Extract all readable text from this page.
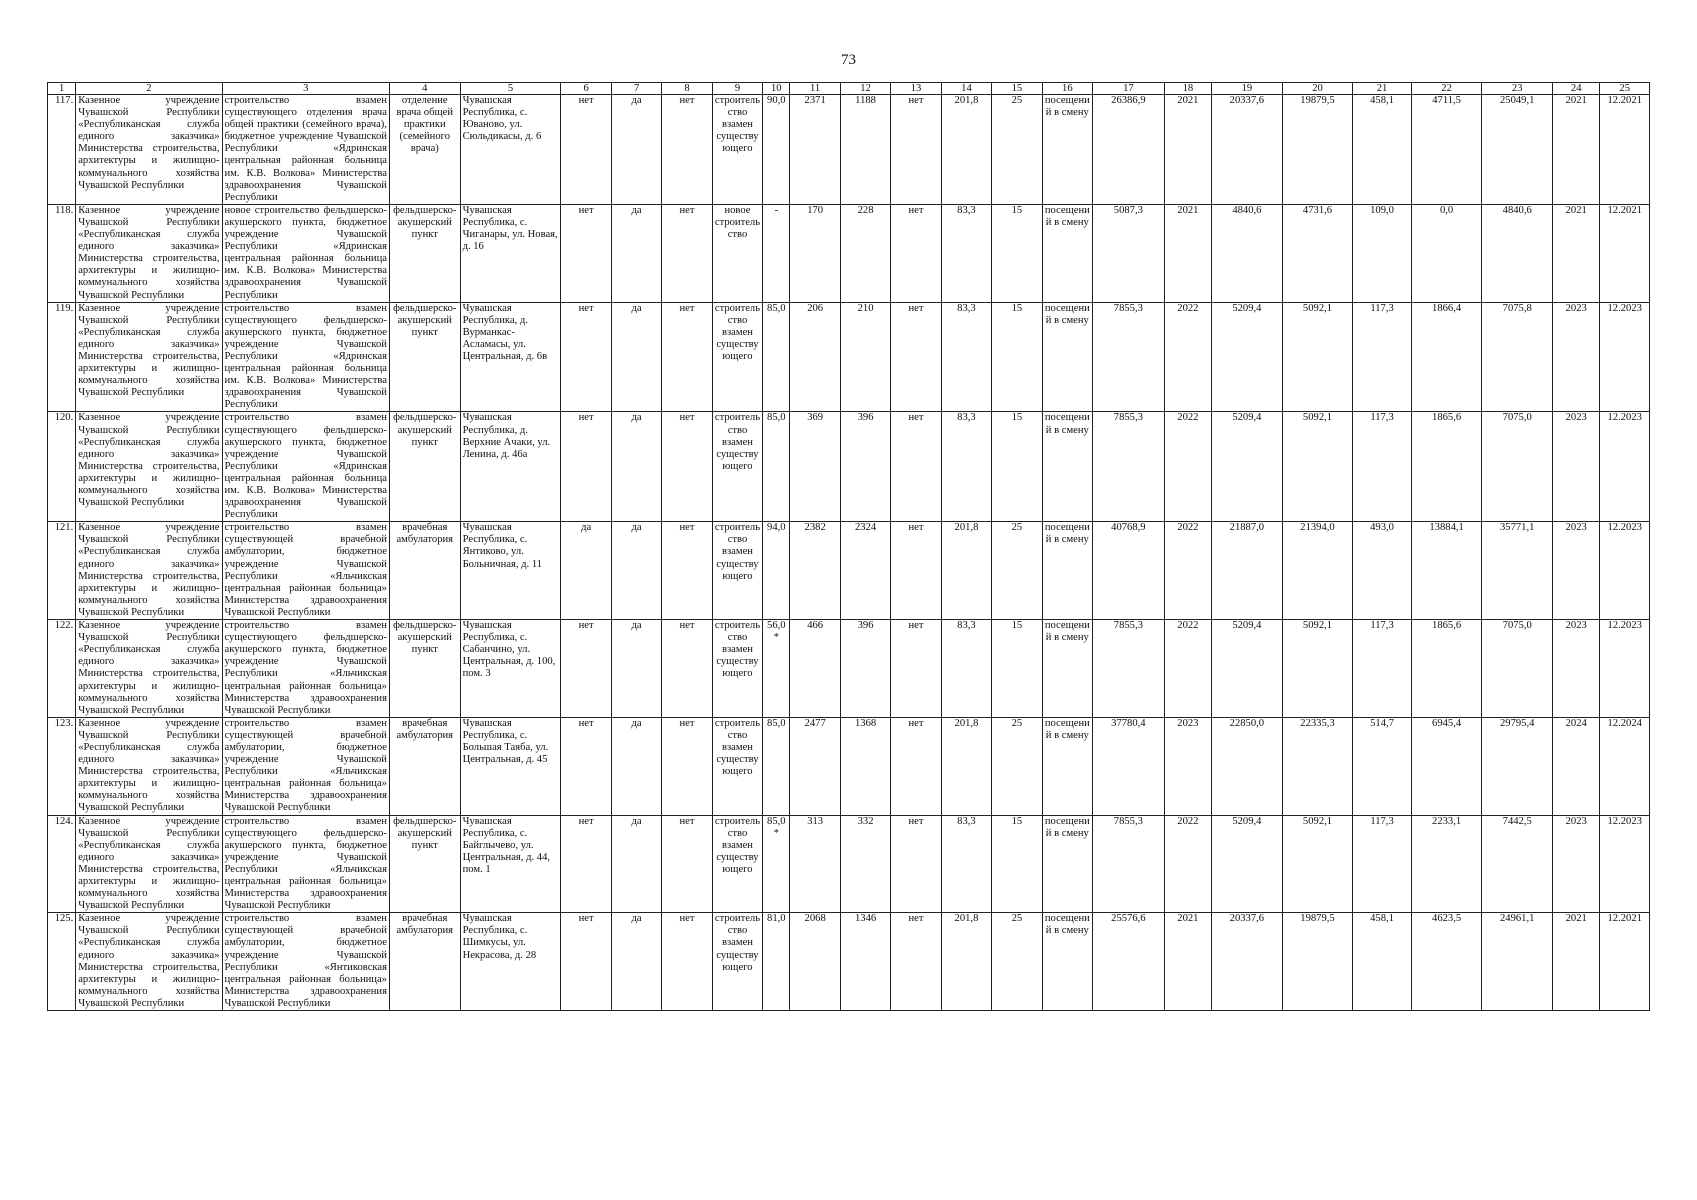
73
1	2	3	4	5	6	7	8	9	10	11	12	13	14	15	16	17	18	19	20	21	22	23	24	25
117.	Казенное учреждение Чувашской Республики «Республиканская служба единого заказчика» Министерства строительства, архитектуры и жилищно-коммунального хозяйства Чувашской Республики	строительство взамен существующего отделения врача общей практики (семейного врача), бюджетное учреждение Чувашской Республики «Ядринская центральная районная больница им. К.В. Волкова» Министерства здравоохранения Чувашской Республики	отделение врача общей практики (семейного врача)	Чувашская Республика, с. Юваново, ул. Сюльдикасы, д. 6	нет	да	нет	строительство взамен существующего	90,0	2371	1188	нет	201,8	25	посещений в смену	26386,9	2021	20337,6	19879,5	458,1	4711,5	25049,1	2021	12.2021
118.	Казенное учреждение Чувашской Республики «Республиканская служба единого заказчика» Министерства строительства, архитектуры и жилищно-коммунального хозяйства Чувашской Республики	новое строительство фельдшерско-акушерского пункта, бюджетное учреждение Чувашской Республики «Ядринская центральная районная больница им. К.В. Волкова» Министерства здравоохранения Чувашской Республики	фельдшерско-акушерский пункт	Чувашская Республика, с. Чиганары, ул. Новая, д. 16	нет	да	нет	новое строительство	-	170	228	нет	83,3	15	посещений в смену	5087,3	2021	4840,6	4731,6	109,0	0,0	4840,6	2021	12.2021
119.	Казенное учреждение Чувашской Республики «Республиканская служба единого заказчика» Министерства строительства, архитектуры и жилищно-коммунального хозяйства Чувашской Республики	строительство взамен существующего фельдшерско-акушерского пункта, бюджетное учреждение Чувашской Республики «Ядринская центральная районная больница им. К.В. Волкова» Министерства здравоохранения Чувашской Республики	фельдшерско-акушерский пункт	Чувашская Республика, д. Вурманкас-Асламасы, ул. Центральная, д. 6в	нет	да	нет	строительство взамен существующего	85,0	206	210	нет	83,3	15	посещений в смену	7855,3	2022	5209,4	5092,1	117,3	1866,4	7075,8	2023	12.2023
120.	Казенное учреждение Чувашской Республики «Республиканская служба единого заказчика» Министерства строительства, архитектуры и жилищно-коммунального хозяйства Чувашской Республики	строительство взамен существующего фельдшерско-акушерского пункта, бюджетное учреждение Чувашской Республики «Ядринская центральная районная больница им. К.В. Волкова» Министерства здравоохранения Чувашской Республики	фельдшерско-акушерский пункт	Чувашская Республика, д. Верхние Ачаки, ул. Ленина, д. 46а	нет	да	нет	строительство взамен существующего	85,0	369	396	нет	83,3	15	посещений в смену	7855,3	2022	5209,4	5092,1	117,3	1865,6	7075,0	2023	12.2023
121.	Казенное учреждение Чувашской Республики «Республиканская служба единого заказчика» Министерства строительства, архитектуры и жилищно-коммунального хозяйства Чувашской Республики	строительство взамен существующей врачебной амбулатории, бюджетное учреждение Чувашской Республики «Яльчикская центральная районная больница» Министерства здравоохранения Чувашской Республики	врачебная амбулатория	Чувашская Республика, с. Янтиково, ул. Больничная, д. 11	да	да	нет	строительство взамен существующего	94,0	2382	2324	нет	201,8	25	посещений в смену	40768,9	2022	21887,0	21394,0	493,0	13884,1	35771,1	2023	12.2023
122.	Казенное учреждение Чувашской Республики «Республиканская служба единого заказчика» Министерства строительства, архитектуры и жилищно-коммунального хозяйства Чувашской Республики	строительство взамен существующего фельдшерско-акушерского пункта, бюджетное учреждение Чувашской Республики «Яльчикская центральная районная больница» Министерства здравоохранения Чувашской Республики	фельдшерско-акушерский пункт	Чувашская Республика, с. Сабанчино, ул. Центральная, д. 100, пом. 3	нет	да	нет	строительство взамен существующего	56,0*	466	396	нет	83,3	15	посещений в смену	7855,3	2022	5209,4	5092,1	117,3	1865,6	7075,0	2023	12.2023
123.	Казенное учреждение Чувашской Республики «Республиканская служба единого заказчика» Министерства строительства, архитектуры и жилищно-коммунального хозяйства Чувашской Республики	строительство взамен существующей врачебной амбулатории, бюджетное учреждение Чувашской Республики «Яльчикская центральная районная больница» Министерства здравоохранения Чувашской Республики	врачебная амбулатория	Чувашская Республика, с. Большая Таяба, ул. Центральная, д. 45	нет	да	нет	строительство взамен существующего	85,0	2477	1368	нет	201,8	25	посещений в смену	37780,4	2023	22850,0	22335,3	514,7	6945,4	29795,4	2024	12.2024
124.	Казенное учреждение Чувашской Республики «Республиканская служба единого заказчика» Министерства строительства, архитектуры и жилищно-коммунального хозяйства Чувашской Республики	строительство взамен существующего фельдшерско-акушерского пункта, бюджетное учреждение Чувашской Республики «Яльчикская центральная районная больница» Министерства здравоохранения Чувашской Республики	фельдшерско-акушерский пункт	Чувашская Республика, с. Байглычево, ул. Центральная, д. 44, пом. 1	нет	да	нет	строительство взамен существующего	85,0*	313	332	нет	83,3	15	посещений в смену	7855,3	2022	5209,4	5092,1	117,3	2233,1	7442,5	2023	12.2023
125.	Казенное учреждение Чувашской Республики «Республиканская служба единого заказчика» Министерства строительства, архитектуры и жилищно-коммунального хозяйства Чувашской Республики	строительство взамен существующей врачебной амбулатории, бюджетное учреждение Чувашской Республики «Янтиковская центральная районная больница» Министерства здравоохранения Чувашской Республики	врачебная амбулатория	Чувашская Республика, с. Шимкусы, ул. Некрасова, д. 28	нет	да	нет	строительство взамен существующего	81,0	2068	1346	нет	201,8	25	посещений в смену	25576,6	2021	20337,6	19879,5	458,1	4623,5	24961,1	2021	12.2021
